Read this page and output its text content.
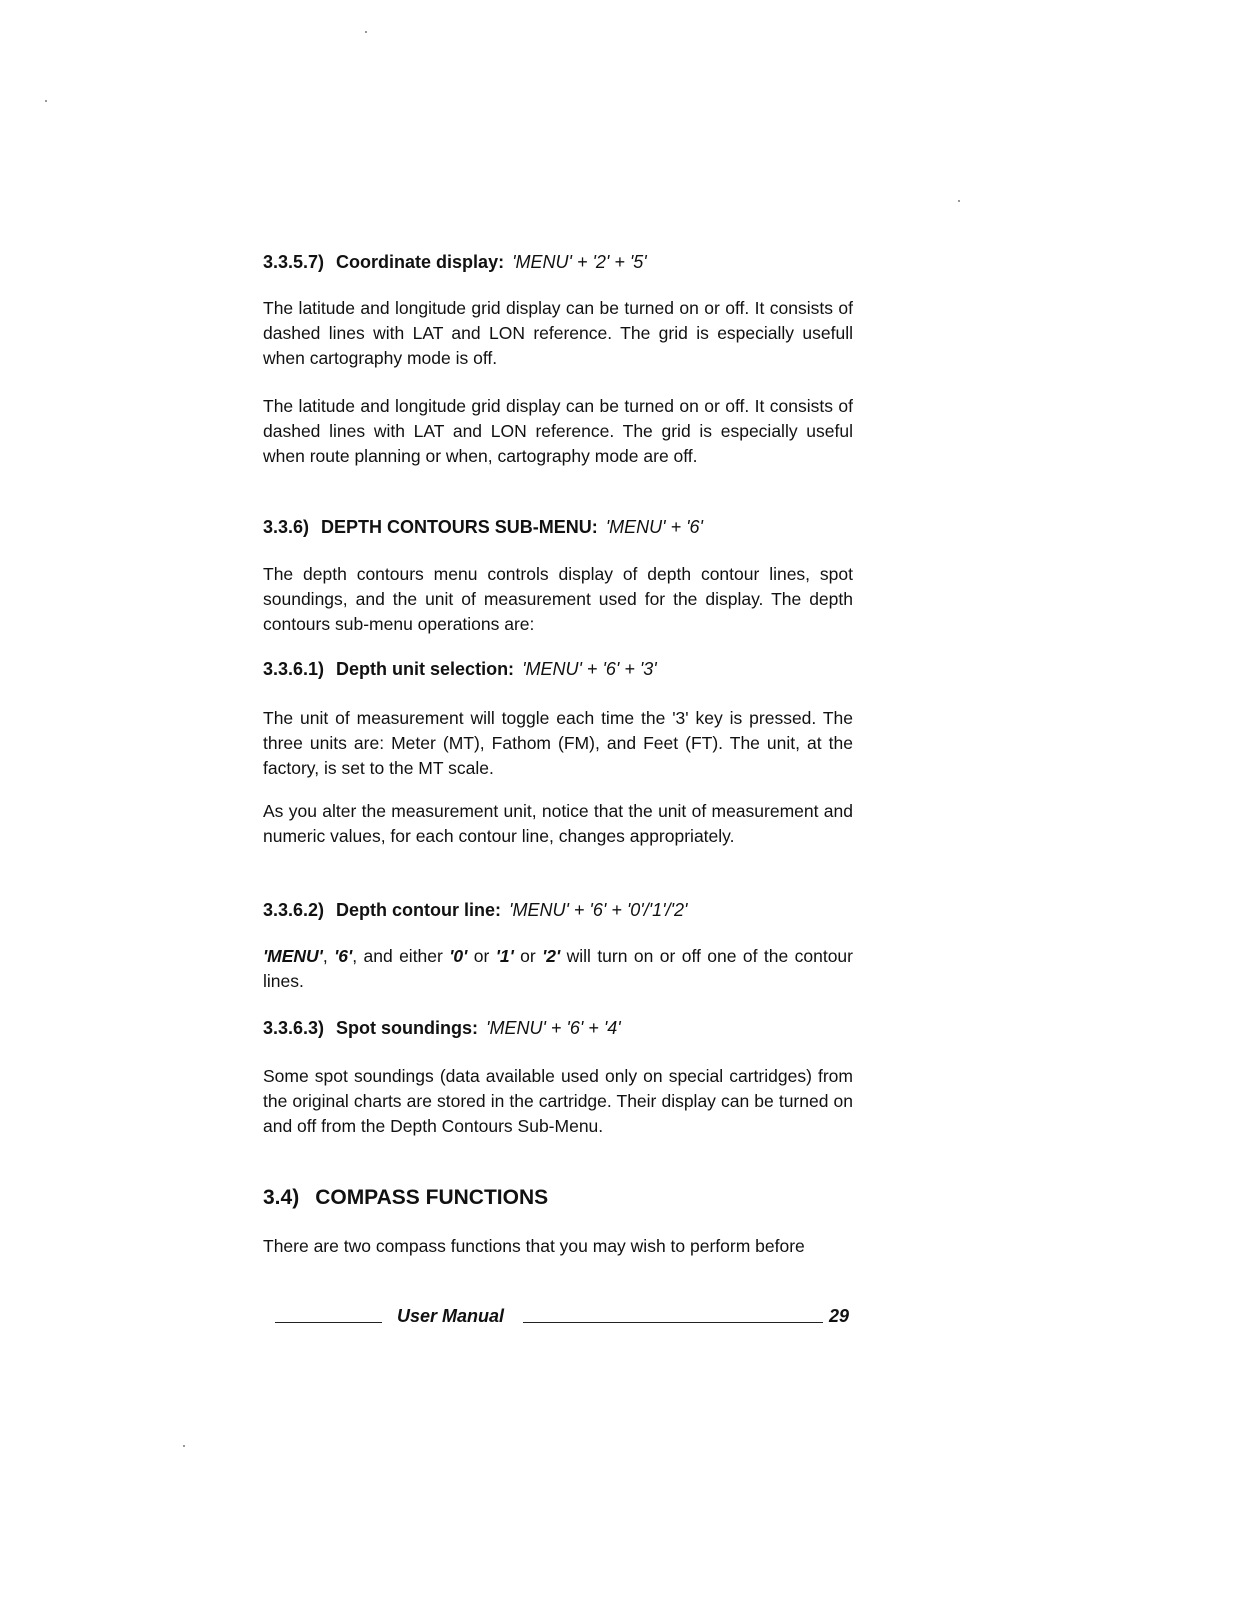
3.3.5.7) Coordinate display: 'MENU' + '2' + '5'
The latitude and longitude grid display can be turned on or off. It consists of dashed lines with LAT and LON reference. The grid is especially usefull when cartography mode is off.
The latitude and longitude grid display can be turned on or off. It consists of dashed lines with LAT and LON reference. The grid is especially useful when route planning or when, cartography mode are off.
3.3.6) DEPTH CONTOURS SUB-MENU: 'MENU' + '6'
The depth contours menu controls display of depth contour lines, spot soundings, and the unit of measurement used for the display. The depth contours sub-menu operations are:
3.3.6.1) Depth unit selection: 'MENU' + '6' + '3'
The unit of measurement will toggle each time the '3' key is pressed. The three units are: Meter (MT), Fathom (FM), and Feet (FT). The unit, at the factory, is set to the MT scale.
As you alter the measurement unit, notice that the unit of measurement and numeric values, for each contour line, changes appropriately.
3.3.6.2) Depth contour line: 'MENU' + '6' + '0'/'1'/'2'
'MENU', '6', and either '0' or '1' or '2' will turn on or off one of the contour lines.
3.3.6.3) Spot soundings: 'MENU' + '6' + '4'
Some spot soundings (data available used only on special cartridges) from the original charts are stored in the cartridge. Their display can be turned on and off from the Depth Contours Sub-Menu.
3.4) COMPASS FUNCTIONS
There are two compass functions that you may wish to perform before
User Manual	29
